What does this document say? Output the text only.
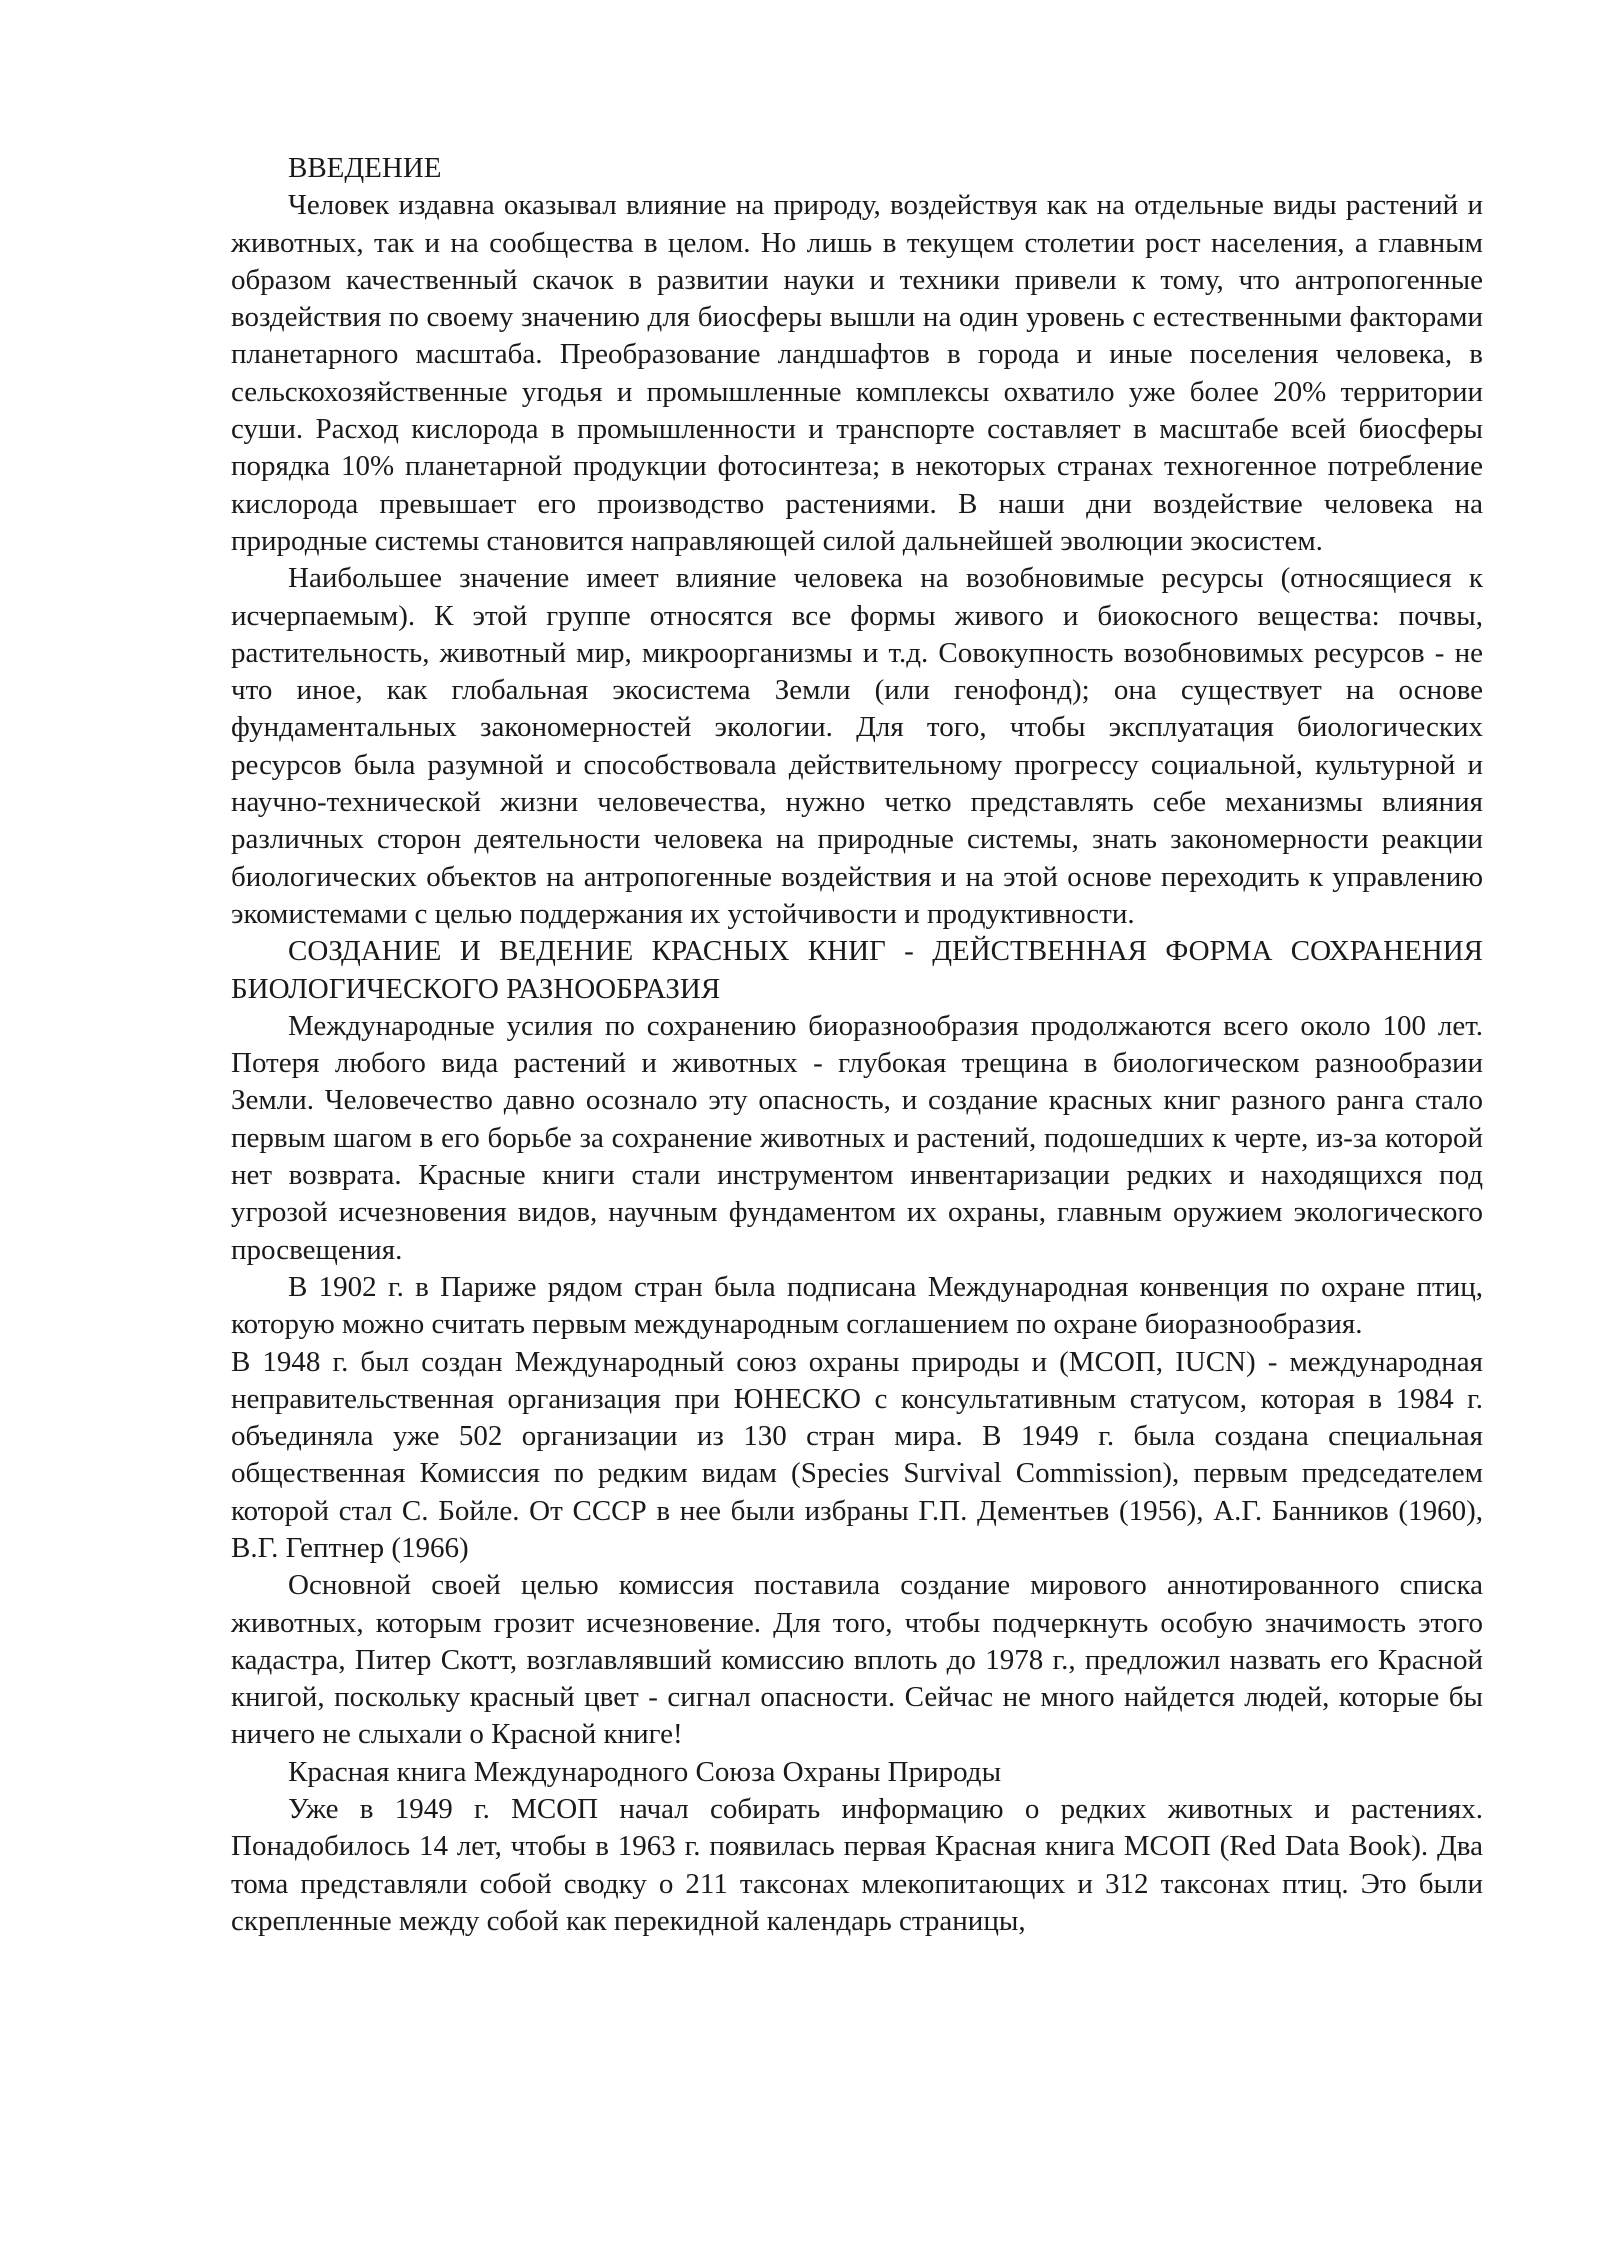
ВВЕДЕНИЕ

Человек издавна оказывал влияние на природу, воздействуя как на отдельные виды растений и животных, так и на сообщества в целом. Но лишь в текущем столетии рост населения, а главным образом качественный скачок в развитии науки и техники привели к тому, что антропогенные воздействия по своему значению для биосферы вышли на один уровень с естественными факторами планетарного масштаба. Преобразование ландшафтов в города и иные поселения человека, в сельскохозяйственные угодья и промышленные комплексы охватило уже более 20% территории суши. Расход кислорода в промышленности и транспорте составляет в масштабе всей биосферы порядка 10% планетарной продукции фотосинтеза; в некоторых странах техногенное потребление кислорода превышает его производство растениями. В наши дни воздействие человека на природные системы становится направляющей силой дальнейшей эволюции экосистем.

Наибольшее значение имеет влияние человека на возобновимые ресурсы (относящиеся к исчерпаемым). К этой группе относятся все формы живого и биокосного вещества: почвы, растительность, животный мир, микроорганизмы и т.д. Совокупность возобновимых ресурсов - не что иное, как глобальная экосистема Земли (или генофонд); она существует на основе фундаментальных закономерностей экологии. Для того, чтобы эксплуатация биологических ресурсов была разумной и способствовала действительному прогрессу социальной, культурной и научно-технической жизни человечества, нужно четко представлять себе механизмы влияния различных сторон деятельности человека на природные системы, знать закономерности реакции биологических объектов на антропогенные воздействия и на этой основе переходить к управлению экомистемами с целью поддержания их устойчивости и продуктивности.

СОЗДАНИЕ И ВЕДЕНИЕ КРАСНЫХ КНИГ - ДЕЙСТВЕННАЯ ФОРМА СОХРАНЕНИЯ БИОЛОГИЧЕСКОГО РАЗНООБРАЗИЯ

Международные усилия по сохранению биоразнообразия продолжаются всего около 100 лет. Потеря любого вида растений и животных - глубокая трещина в биологическом разнообразии Земли. Человечество давно осознало эту опасность, и создание красных книг разного ранга стало первым шагом в его борьбе за сохранение животных и растений, подошедших к черте, из-за которой нет возврата. Красные книги стали инструментом инвентаризации редких и находящихся под угрозой исчезновения видов, научным фундаментом их охраны, главным оружием экологического просвещения.

В 1902 г. в Париже рядом стран была подписана Международная конвенция по охране птиц, которую можно считать первым международным соглашением по охране биоразнообразия.

В 1948 г. был создан Международный союз охраны природы и (МСОП, IUCN) - международная неправительственная организация при ЮНЕСКО с консультативным статусом, которая в 1984 г. объединяла уже 502 организации из 130 стран мира. В 1949 г. была создана специальная общественная Комиссия по редким видам (Species Survival Commission), первым председателем которой стал С. Бойле. От СССР в нее были избраны Г.П. Дементьев (1956), А.Г. Банников (1960), В.Г. Гептнер (1966)

Основной своей целью комиссия поставила создание мирового аннотированного списка животных, которым грозит исчезновение. Для того, чтобы подчеркнуть особую значимость этого кадастра, Питер Скотт, возглавлявший комиссию вплоть до 1978 г., предложил назвать его Красной книгой, поскольку красный цвет - сигнал опасности. Сейчас не много найдется людей, которые бы ничего не слыхали о Красной книге!

Красная книга Международного Союза Охраны Природы

Уже в 1949 г. МСОП начал собирать информацию о редких животных и растениях. Понадобилось 14 лет, чтобы в 1963 г. появилась первая Красная книга МСОП (Red Data Book). Два тома представляли собой сводку о 211 таксонах млекопитающих и 312 таксонах птиц. Это были скрепленные между собой как перекидной календарь страницы,
